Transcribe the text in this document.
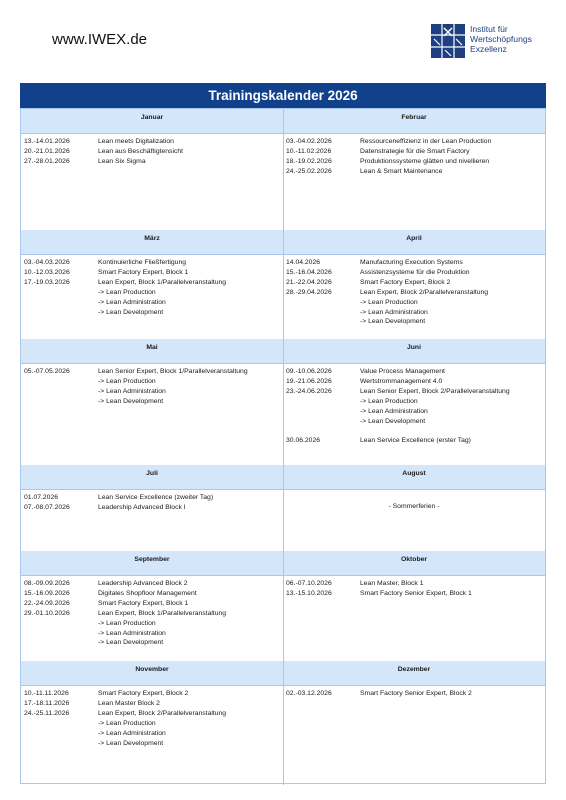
www.IWEX.de
Institut für
Wertschöpfungs
Exzellenz
Trainingskalender 2026
Januar
13.-14.01.2026	Lean meets Digitalization
20.-21.01.2026	Lean aus Beschäftigtensicht
27.-28.01.2026	Lean Six Sigma
Februar
03.-04.02.2026	Ressourceneffizienz in der Lean Production
10.-11.02.2026	Datenstrategie für die Smart Factory
18.-19.02.2026	Produktionssysteme glätten und nivellieren
24.-25.02.2026	Lean & Smart Maintenance
März
03.-04.03.2026	Kontinuierliche Fließfertigung
10.-12.03.2026	Smart Factory Expert, Block 1
17.-19.03.2026	Lean Expert, Block 1/Parallelveranstaltung
-> Lean Production
-> Lean Administration
-> Lean Development
April
14.04.2026	Manufacturing Execution Systems
15.-16.04.2026	Assistenzsysteme für die Produktion
21.-22.04.2026	Smart Factory Expert, Block 2
28.-29.04.2026	Lean Expert, Block 2/Parallelveranstaltung
-> Lean Production
-> Lean Administration
-> Lean Development
Mai
05.-07.05.2026	Lean Senior Expert, Block 1/Parallelveranstaltung
-> Lean Production
-> Lean Administration
-> Lean Development
Juni
09.-10.06.2026	Value Process Management
19.-21.06.2026	Wertstrommanagement 4.0
23.-24.06.2026	Lean Senior Expert, Block 2/Parallelveranstaltung
-> Lean Production
-> Lean Administration
-> Lean Development
30.06.2026	Lean Service Excellence (erster Tag)
Juli
01.07.2026	Lean Service Excellence (zweiter Tag)
07.-08.07.2026	Leadership Advanced Block I
August
- Sommerferien -
September
08.-09.09.2026	Leadership Advanced Block 2
15.-16.09.2026	Digitales Shopfloor Management
22.-24.09.2026	Smart Factory Expert, Block 1
29.-01.10.2026	Lean Expert, Block 1/Parallelveranstaltung
-> Lean Production
-> Lean Administration
-> Lean Development
Oktober
06.-07.10.2026	Lean Master, Block 1
13.-15.10.2026	Smart Factory Senior Expert, Block 1
November
10.-11.11.2026	Smart Factory Expert, Block 2
17.-18.11.2026	Lean Master Block 2
24.-25.11.2026	Lean Expert, Block 2/Parallelveranstaltung
-> Lean Production
-> Lean Administration
-> Lean Development
Dezember
02.-03.12.2026	Smart Factory Senior Expert, Block 2
